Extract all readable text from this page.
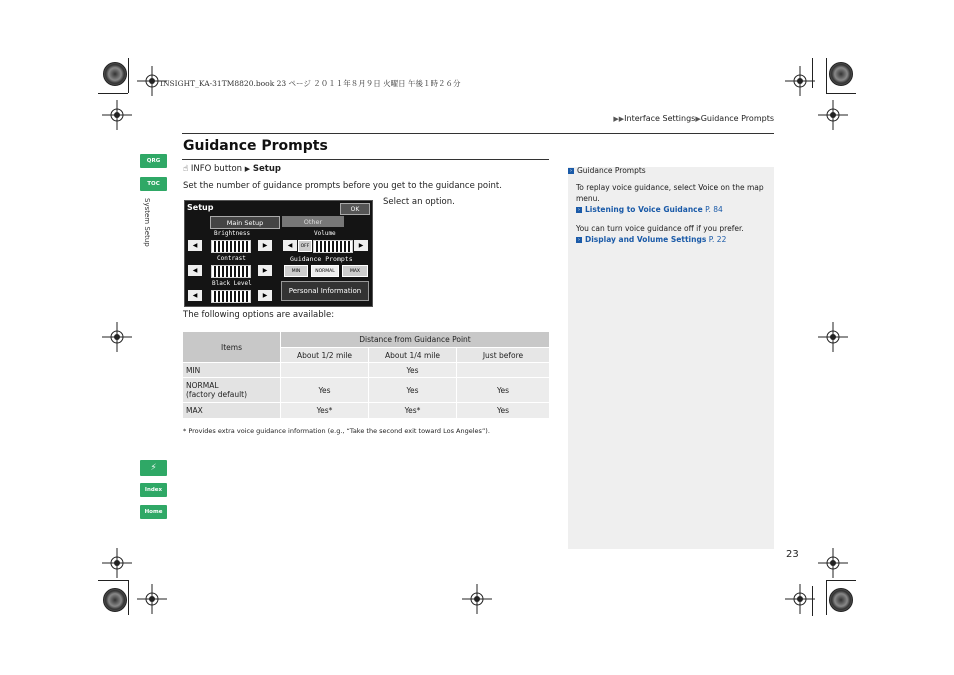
INSIGHT_KA-31TM8820.book 23 ページ ２０１１年８月９日 火曜日 午後１時２６分
▶▶Interface Settings▶Guidance Prompts
Guidance Prompts
QRG
TOC
System Setup
⚡
Index
Home
☝ INFO button ▶ Setup
Set the number of guidance prompts before you get to the guidance point.
Select an option.
Setup	OK
Main Setup	Other
Brightness	Volume
◀	▶	◀	OFF	▶
Contrast	Guidance Prompts
◀	▶	MIN	NORMAL	MAX
Black Level
◀	▶
Personal Information
The following options are available:
Items	Distance from Guidance Point		
	About 1/2 mile	About 1/4 mile	Just before
MIN		Yes	

NORMAL
(factory default)	Yes	Yes	Yes
MAX	Yes*	Yes*	Yes
* Provides extra voice guidance information (e.g., “Take the second exit toward Los Angeles”).
› Guidance Prompts
To replay voice guidance, select Voice on the map menu.
› Listening to Voice Guidance P. 84
You can turn voice guidance off if you prefer.
› Display and Volume Settings P. 22
23
